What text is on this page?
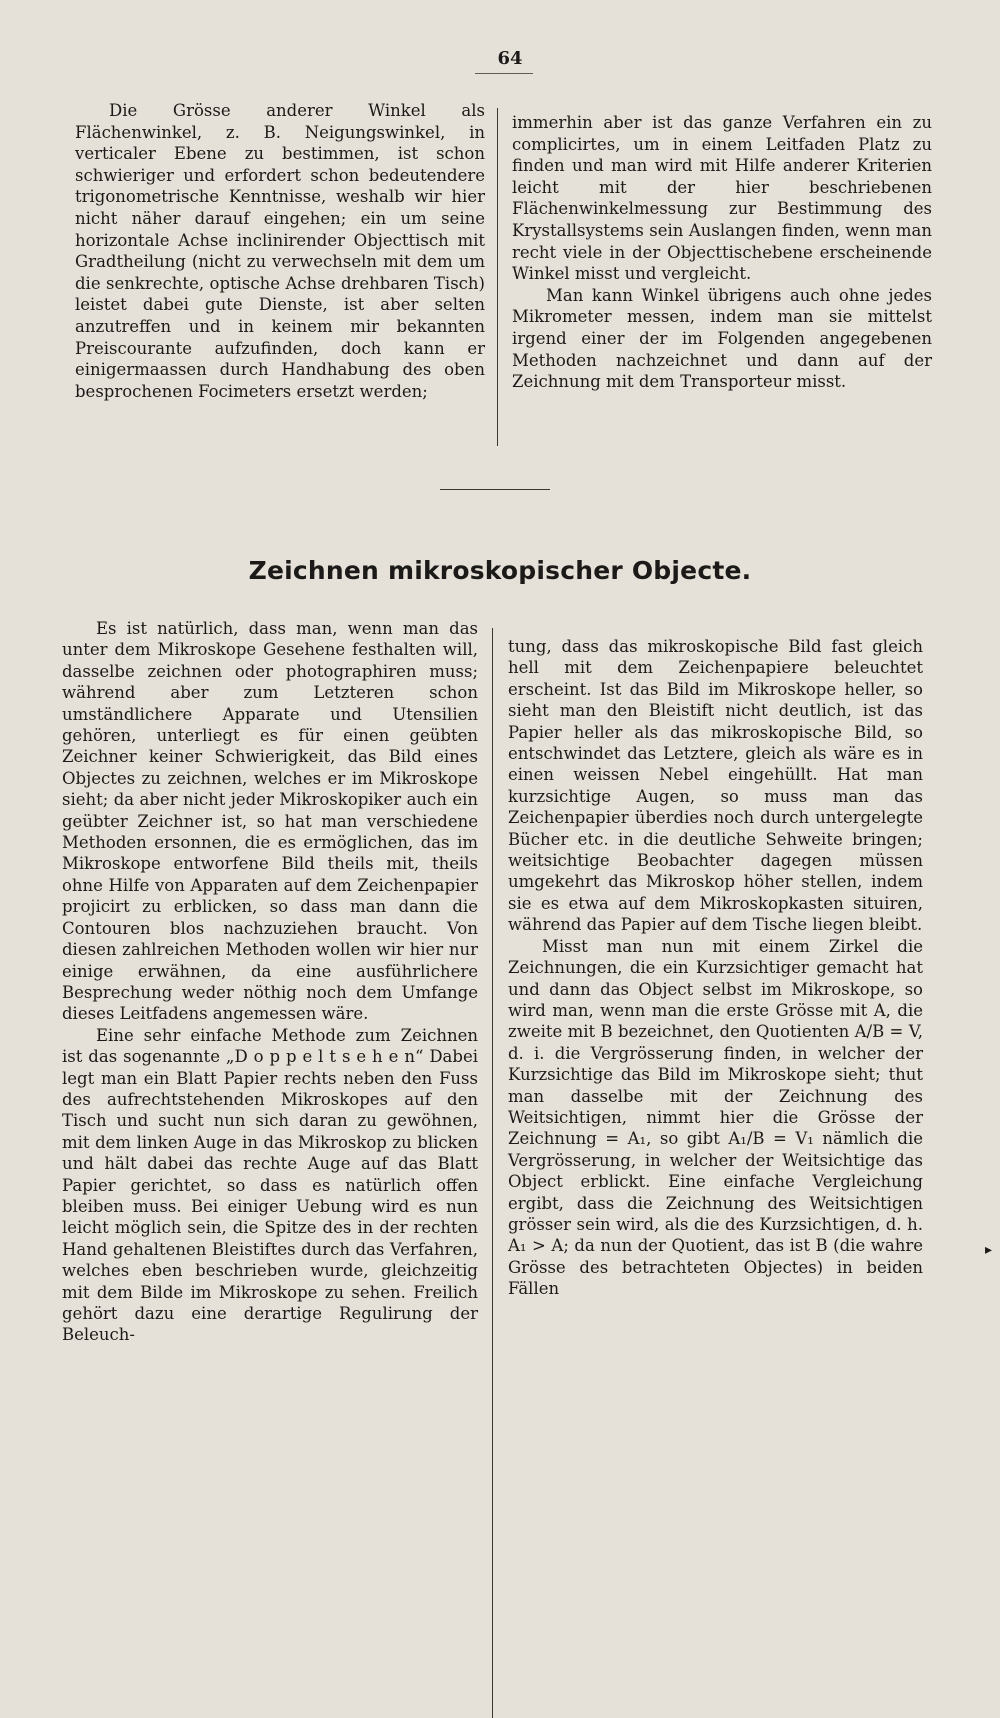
64

Die Grösse anderer Winkel als Flächenwinkel, z. B. Neigungswinkel, in verticaler Ebene zu bestimmen, ist schon schwieriger und erfordert schon bedeutendere trigonometrische Kenntnisse, weshalb wir hier nicht näher darauf eingehen; ein um seine horizontale Achse inclinirender Objecttisch mit Gradtheilung (nicht zu verwechseln mit dem um die senkrechte, optische Achse drehbaren Tisch) leistet dabei gute Dienste, ist aber selten anzutreffen und in keinem mir bekannten Preiscourante aufzufinden, doch kann er einigermaassen durch Handhabung des oben besprochenen Focimeters ersetzt werden;

immerhin aber ist das ganze Verfahren ein zu complicirtes, um in einem Leitfaden Platz zu finden und man wird mit Hilfe anderer Kriterien leicht mit der hier beschriebenen Flächenwinkelmessung zur Bestimmung des Krystallsystems sein Auslangen finden, wenn man recht viele in der Objecttischebene erscheinende Winkel misst und vergleicht.

Man kann Winkel übrigens auch ohne jedes Mikrometer messen, indem man sie mittelst irgend einer der im Folgenden angegebenen Methoden nachzeichnet und dann auf der Zeichnung mit dem Transporteur misst.

Zeichnen mikroskopischer Objecte.

Es ist natürlich, dass man, wenn man das unter dem Mikroskope Gesehene festhalten will, dasselbe zeichnen oder photographiren muss; während aber zum Letzteren schon umständlichere Apparate und Utensilien gehören, unterliegt es für einen geübten Zeichner keiner Schwierigkeit, das Bild eines Objectes zu zeichnen, welches er im Mikroskope sieht; da aber nicht jeder Mikroskopiker auch ein geübter Zeichner ist, so hat man verschiedene Methoden ersonnen, die es ermöglichen, das im Mikroskope entworfene Bild theils mit, theils ohne Hilfe von Apparaten auf dem Zeichenpapier projicirt zu erblicken, so dass man dann die Contouren blos nachzuziehen braucht. Von diesen zahlreichen Methoden wollen wir hier nur einige erwähnen, da eine ausführlichere Besprechung weder nöthig noch dem Umfange dieses Leitfadens angemessen wäre.

Eine sehr einfache Methode zum Zeichnen ist das sogenannte „D o p p e l t s e h e n“ Dabei legt man ein Blatt Papier rechts neben den Fuss des aufrechtstehenden Mikroskopes auf den Tisch und sucht nun sich daran zu gewöhnen, mit dem linken Auge in das Mikroskop zu blicken und hält dabei das rechte Auge auf das Blatt Papier gerichtet, so dass es natürlich offen bleiben muss. Bei einiger Uebung wird es nun leicht möglich sein, die Spitze des in der rechten Hand gehaltenen Bleistiftes durch das Verfahren, welches eben beschrieben wurde, gleichzeitig mit dem Bilde im Mikroskope zu sehen. Freilich gehört dazu eine derartige Regulirung der Beleuch-

tung, dass das mikroskopische Bild fast gleich hell mit dem Zeichenpapiere beleuchtet erscheint. Ist das Bild im Mikroskope heller, so sieht man den Bleistift nicht deutlich, ist das Papier heller als das mikroskopische Bild, so entschwindet das Letztere, gleich als wäre es in einen weissen Nebel eingehüllt. Hat man kurzsichtige Augen, so muss man das Zeichenpapier überdies noch durch untergelegte Bücher etc. in die deutliche Sehweite bringen; weitsichtige Beobachter dagegen müssen umgekehrt das Mikroskop höher stellen, indem sie es etwa auf dem Mikroskopkasten situiren, während das Papier auf dem Tische liegen bleibt.

Misst man nun mit einem Zirkel die Zeichnungen, die ein Kurzsichtiger gemacht hat und dann das Object selbst im Mikroskope, so wird man, wenn man die erste Grösse mit A, die zweite mit B bezeichnet, den Quotienten A/B = V, d. i. die Vergrösserung finden, in welcher der Kurzsichtige das Bild im Mikroskope sieht; thut man dasselbe mit der Zeichnung des Weitsichtigen, nimmt hier die Grösse der Zeichnung = A₁, so gibt A₁/B = V₁ nämlich die Vergrösserung, in welcher der Weitsichtige das Object erblickt. Eine einfache Vergleichung ergibt, dass die Zeichnung des Weitsichtigen grösser sein wird, als die des Kurzsichtigen, d. h. A₁ > A; da nun der Quotient, das ist B (die wahre Grösse des betrachteten Objectes) in beiden Fällen

▸
